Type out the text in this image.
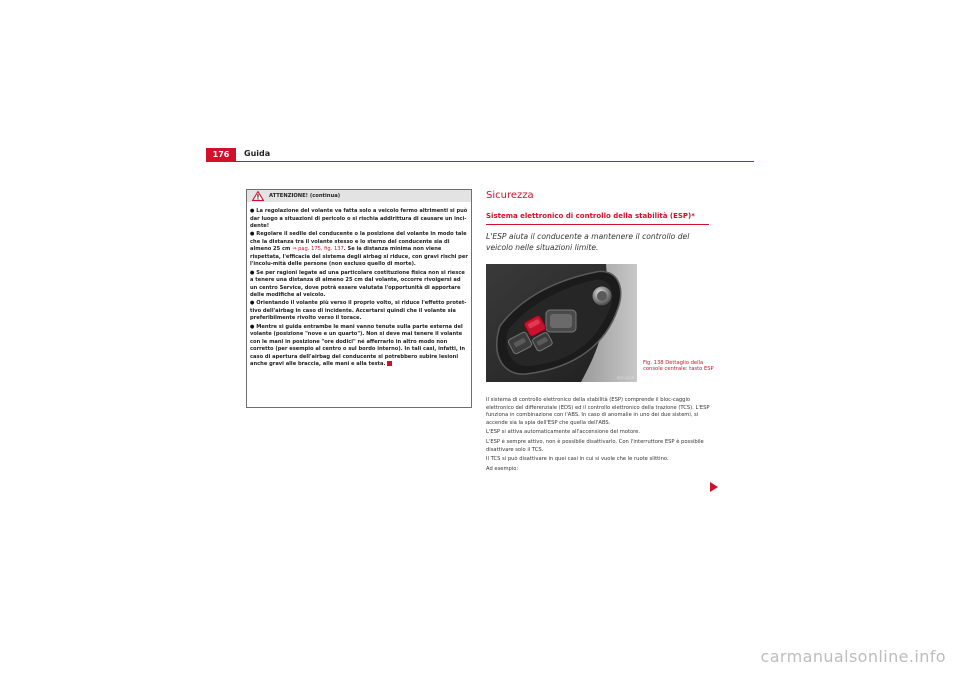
176	Guida
ATTENZIONE! (continua)
● La regolazione del volante va fatta solo a veicolo fermo altrimenti si può dar luogo a situazioni di pericolo o si rischia addirittura di causare un inci-dente!
● Regolare il sedile del conducente o la posizione del volante in modo tale che la distanza tra il volante stesso e lo sterno del conducente sia di almeno 25 cm ⇒ pag. 175, fig. 137. Se la distanza minima non viene rispettata, l'efficacia del sistema degli airbag si riduce, con gravi rischi per l'incolu-mità delle persone (non escluso quello di morte).
● Se per ragioni legate ad una particolare costituzione fisica non si riesce a tenere una distanza di almeno 25 cm dal volante, occorre rivolgersi ad un centro Service, dove potrà essere valutata l'opportunità di apportare delle modifiche al veicolo.
● Orientando il volante più verso il proprio volto, si riduce l'effetto protet-tivo dell'airbag in caso di incidente. Accertarsi quindi che il volante sia preferibilmente rivolto verso il torace.
● Mentre si guida entrambe le mani vanno tenute sulla parte esterna del volante (posizione "nove e un quarto"). Non si deve mai tenere il volante con le mani in posizione "ore dodici" né afferrarlo in altro modo non corretto (per esempio al centro o sul bordo interno). In tali casi, infatti, in caso di apertura dell'airbag del conducente si potrebbero subire lesioni anche gravi alle braccia, alle mani e alla testa.
Sicurezza
Sistema elettronico di controllo della stabilità (ESP)*
L'ESP aiuta il conducente a mantenere il controllo del veicolo nelle situazioni limite.
B5F-0438
Fig. 138 Dettaglio della console centrale: tasto ESP

Il sistema di controllo elettronico della stabilità (ESP) comprende il bloc-caggio elettronico del differenziale (EDS) ed il controllo elettronico della trazione (TCS). L'ESP funziona in combinazione con l'ABS. In caso di anomalie in uno dei due sistemi, si accende sia la spia dell'ESP che quella dell'ABS.

L'ESP si attiva automaticamente all'accensione del motore.

L'ESP è sempre attivo, non è possibile disattivarlo. Con l'interruttore ESP è possibile disattivare solo il TCS.

Il TCS si può disattivare in quei casi in cui si vuole che le ruote slittino.

Ad esempio:

carmanualsonline.info
